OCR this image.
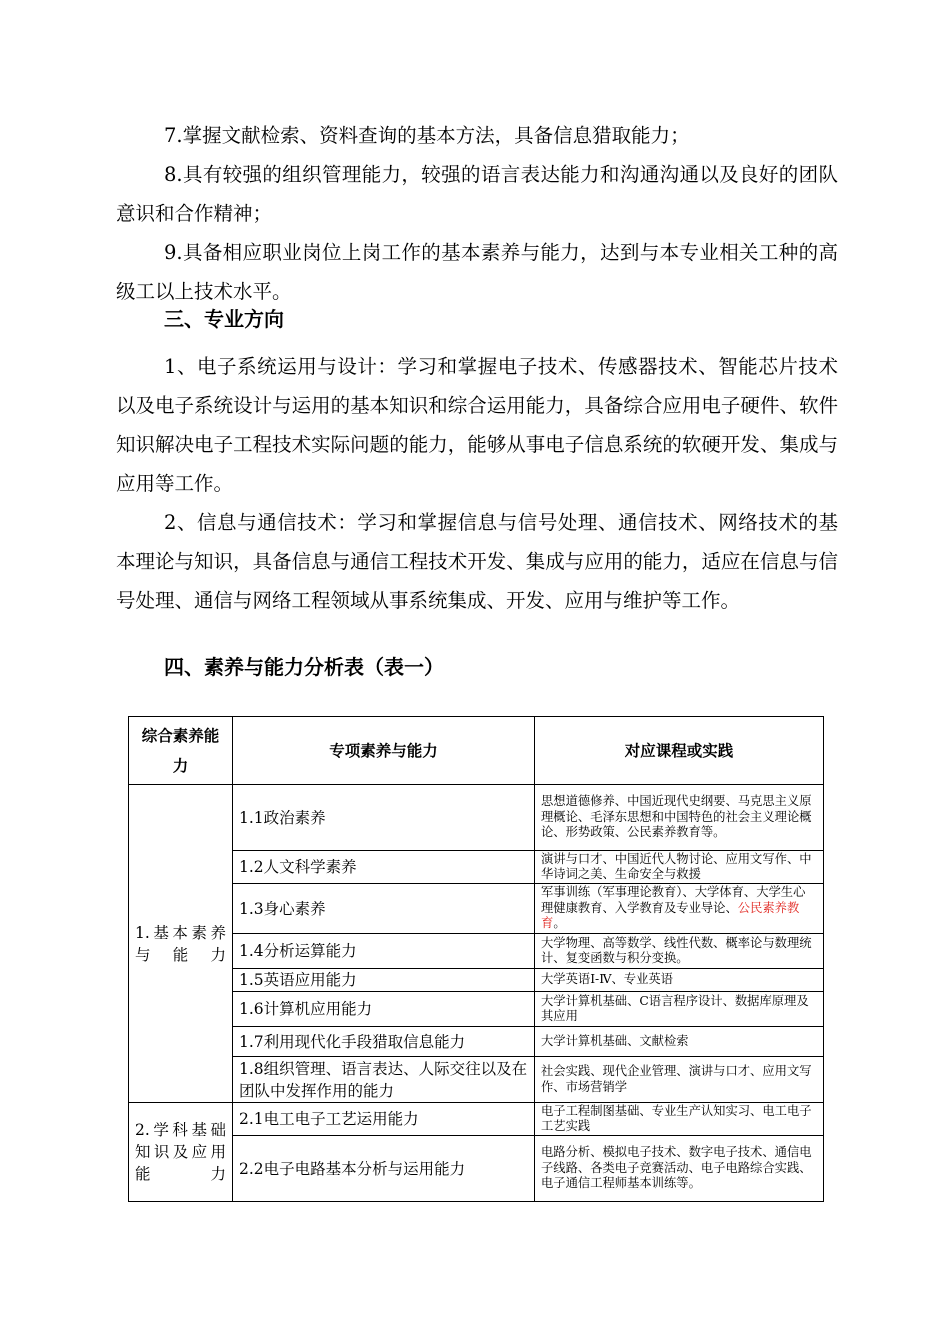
7.掌握文献检索、资料查询的基本方法，具备信息猎取能力；

8.具有较强的组织管理能力，较强的语言表达能力和沟通沟通以及良好的团队意识和合作精神；

9.具备相应职业岗位上岗工作的基本素养与能力，达到与本专业相关工种的高级工以上技术水平。

三、专业方向

1、电子系统运用与设计：学习和掌握电子技术、传感器技术、智能芯片技术以及电子系统设计与运用的基本知识和综合运用能力，具备综合应用电子硬件、软件知识解决电子工程技术实际问题的能力，能够从事电子信息系统的软硬开发、集成与应用等工作。

2、信息与通信技术：学习和掌握信息与信号处理、通信技术、网络技术的基本理论与知识，具备信息与通信工程技术开发、集成与应用的能力，适应在信息与信号处理、通信与网络工程领域从事系统集成、开发、应用与维护等工作。

四、素养与能力分析表（表一）

综合素养能力	专项素养与能力	对应课程或实践
1.基本素养与能力	1.1政治素养	思想道德修养、中国近现代史纲要、马克思主义原理概论、毛泽东思想和中国特色的社会主义理论概论、形势政策、公民素养教育等。
	1.2人文科学素养	演讲与口才、中国近代人物讨论、应用文写作、中华诗词之美、生命安全与救援
	1.3身心素养	军事训练（军事理论教育）、大学体育、大学生心理健康教育、入学教育及专业导论、公民素养教育。
	1.4分析运算能力	大学物理、高等数学、线性代数、概率论与数理统计、复变函数与积分变换。
	1.5英语应用能力	大学英语Ⅰ-Ⅳ、专业英语
	1.6计算机应用能力	大学计算机基础、C语言程序设计、数据库原理及其应用
	1.7利用现代化手段猎取信息能力	大学计算机基础、文献检索
	1.8组织管理、语言表达、人际交往以及在团队中发挥作用的能力	社会实践、现代企业管理、演讲与口才、应用文写作、市场营销学
2.学科基础知识及应用能力	2.1电工电子工艺运用能力	电子工程制图基础、专业生产认知实习、电工电子工艺实践
	2.2电子电路基本分析与运用能力	电路分析、模拟电子技术、数字电子技术、通信电子线路、各类电子竞赛活动、电子电路综合实践、电子通信工程师基本训练等。
